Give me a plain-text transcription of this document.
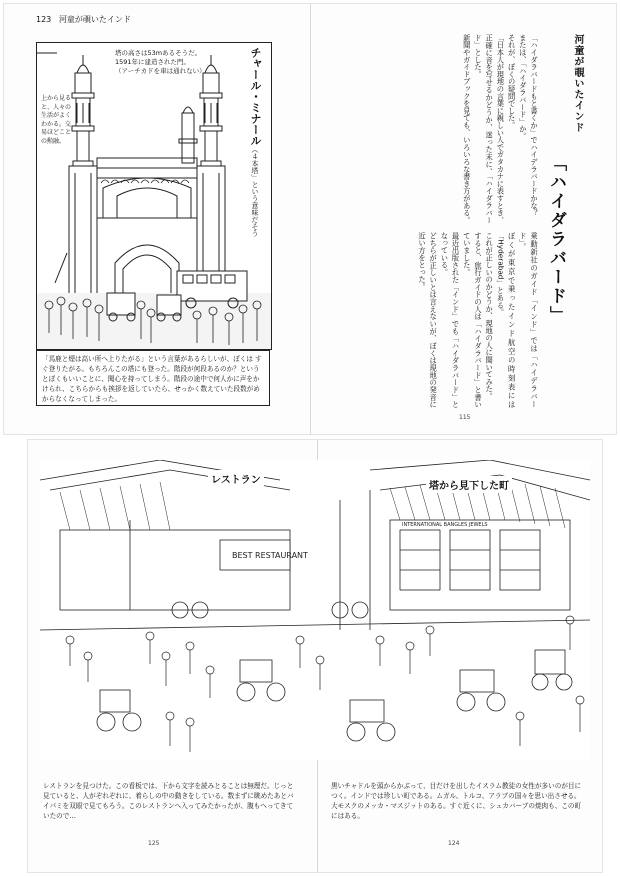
123 河童が覗いたインド
塔の高さは53mあるそうだ。
1591年に建造された門。
（アーチカドを車は通れない）
上から見ると、人々の生活がよくわかる。交易ほどことの勲融。	チャール・ミナール（４本塔」という意味だそう
「馬鹿と煙は高い所へ上りたがる」という言葉があるらしいが、ぼくは すぐ登りたがる。もちろんこの塔にも登った。階段が何段あるのか？というとぼくもいいことに、聞心を持ってしまう。階段の途中で何人かに声をかけられ、こちらからも挨拶を返していたら、せっかく数えていた段数がめからなくなってしまった。
河童が覗いたインド
「ハイダラバード」
「ハイダラバードもと書くか」でハイデラバードかな？
または、「ハイダラバード」か。
それが、ぼくの疑問でした。
「日本人が現地の言葉に親しい人でガタカナに表すとき、
正確に音を写せるかどうか、迷った末に、「ハイダラバード」とした。
新聞やガイドブックを見ても、いろいろな書き方がある。
乗動新社のガイド「インド」では「ハイデラバード」。
ぼくが東京で乗ったインド航空の時刻表には「Hyderabad」とある。
これが正しいのかどうか、現地の人に聞いてみた。
すると、旅行ガイドの人は「ハイダラバード」と書いていました。
最近出版された「インド」でも「ハイダラバード」となっている。
どちらが正しいとは言えないが、ぼくは現地の発音に近い方をとった。
115
BEST RESTAURANT
INTERNATIONAL BANGLES JEWELS
レストラン
塔から見下した町
レストランを見つけた。この看板では、下から文字を読みとることは無理だ。じっと見ていると、人がぞれぞれに、着らしの中の動きをしている。数まずに眺めたあとバイパミを双眼で見てもろう。このレストランへ入ってみたかったが、腹もへってきていたので…
黒いチャドルを頭からかぶって、目だけを出したイスラム教徒の女性が多いのが目につく。インドでは珍しい町である。ムガル、トルコ、アラブの国々を思い出させる。大モスクのメッカ・マスジットのある。すぐ近くに、シュカバーブの焼肉も、この町にはある。
125	124
